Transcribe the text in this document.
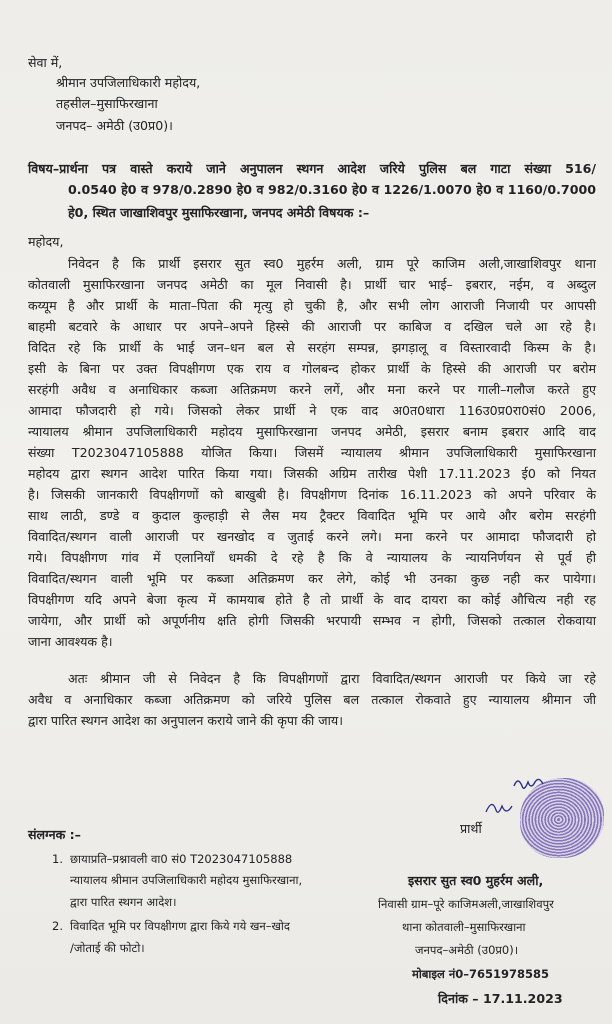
सेवा में,
श्रीमान उपजिलाधिकारी महोदय,
तहसील–मुसाफिरखाना
जनपद– अमेठी (उ0प्र0)।
विषय–प्रार्थना पत्र वास्ते कराये जाने अनुपालन स्थगन आदेश जरिये पुलिस बल गाटा संख्या 516/
0.0540 हे0 व 978/0.2890 हे0 व 982/0.3160 हे0 व 1226/1.0070 हे0 व 1160/0.7000
हे0, स्थित जाखाशिवपुर मुसाफिरखाना, जनपद अमेठी विषयक :–
महोदय,
निवेदन है कि प्रार्थी इसरार सुत स्व0 मुहर्रम अली, ग्राम पूरे काजिम अली,जाखाशिवपुर थाना
कोतवाली मुसाफिरखाना जनपद अमेठी का मूल निवासी है। प्रार्थी चार भाई– इबरार, नईम, व अब्दुल
कय्यूम है और प्रार्थी के माता–पिता की मृत्यु हो चुकी है, और सभी लोग आराजी निजायी पर आपसी
बाहमी बटवारे के आधार पर अपने–अपने हिस्से की आराजी पर काबिज व दखिल चले आ रहे है।
विदित रहे कि प्रार्थी के भाई जन–धन बल से सरहंग सम्पन्न, झगड़ालू व विस्तारवादी किस्म के है।
इसी के बिना पर उक्त विपक्षीगण एक राय व गोलबन्द होकर प्रार्थी के हिस्से की आराजी पर बरोम
सरहंगी अवैध व अनाधिकार कब्जा अतिक्रमण करने लगें, और मना करने पर गाली–गलौज करते हुए
आमादा फौजदारी हो गये। जिसको लेकर प्रार्थी ने एक वाद अ0त0धारा 116उ0प्र0रा0सं0 2006,
न्यायालय श्रीमान उपजिलाधिकारी महोदय मुसाफिरखाना जनपद अमेठी, इसरार बनाम इबरार आदि वाद
संख्या T2023047105888 योजित किया। जिसमें न्यायालय श्रीमान उपजिलाधिकारी मुसाफिरखाना
महोदय द्वारा स्थगन आदेश पारित किया गया। जिसकी अग्रिम तारीख पेशी 17.11.2023 ई0 को नियत
है। जिसकी जानकारी विपक्षीगणों को बाखुबी है। विपक्षीगण दिनांक 16.11.2023 को अपने परिवार के
साथ लाठी, डण्डे व कुदाल कुल्हाड़ी से लैस मय ट्रैक्टर विवादित भूमि पर आये और बरोम सरहंगी
विवादित/स्थगन वाली आराजी पर खनखोद व जुताई करने लगे। मना करने पर आमादा फौजदारी हो
गये। विपक्षीगण गांव में एलानियाँ धमकी दे रहे है कि वे न्यायालय के न्यायनिर्णयन से पूर्व ही
विवादित/स्थगन वाली भूमि पर कब्जा अतिक्रमण कर लेगे, कोई भी उनका कुछ नही कर पायेगा।
विपक्षीगण यदि अपने बेजा कृत्य में कामयाब होते है तो प्रार्थी के वाद दायरा का कोई औचित्य नही रह
जायेगा, और प्रार्थी को अपूर्णनीय क्षति होगी जिसकी भरपायी सम्भव न होगी, जिसको तत्काल रोकवाया
जाना आवश्यक है।
अतः श्रीमान जी से निवेदन है कि विपक्षीगणों द्वारा विवादित/स्थगन आराजी पर किये जा रहे
अवैध व अनाधिकार कब्जा अतिक्रमण को जरिये पुलिस बल तत्काल रोकवाते हुए न्यायालय श्रीमान जी
द्वारा पारित स्थगन आदेश का अनुपालन कराये जाने की कृपा की जाय।
प्रार्थी
संलग्नक :–
1. छायाप्रति–प्रश्नावली वा0 सं0 T2023047105888
न्यायालय श्रीमान उपजिलाधिकारी महोदय मुसाफिरखाना,
द्वारा पारित स्थगन आदेश।
2. विवादित भूमि पर विपक्षीगण द्वारा किये गये खन–खोद
/जोताई की फोटो।
इसरार सुत स्व0 मुहर्रम अली,
निवासी ग्राम–पूरे काजिमअली,जाखाशिवपुर
थाना कोतवाली–मुसाफिरखाना
जनपद–अमेठी (उ0प्र0)।
मोबाइल नं0–7651978585
दिनांक – 17.11.2023
